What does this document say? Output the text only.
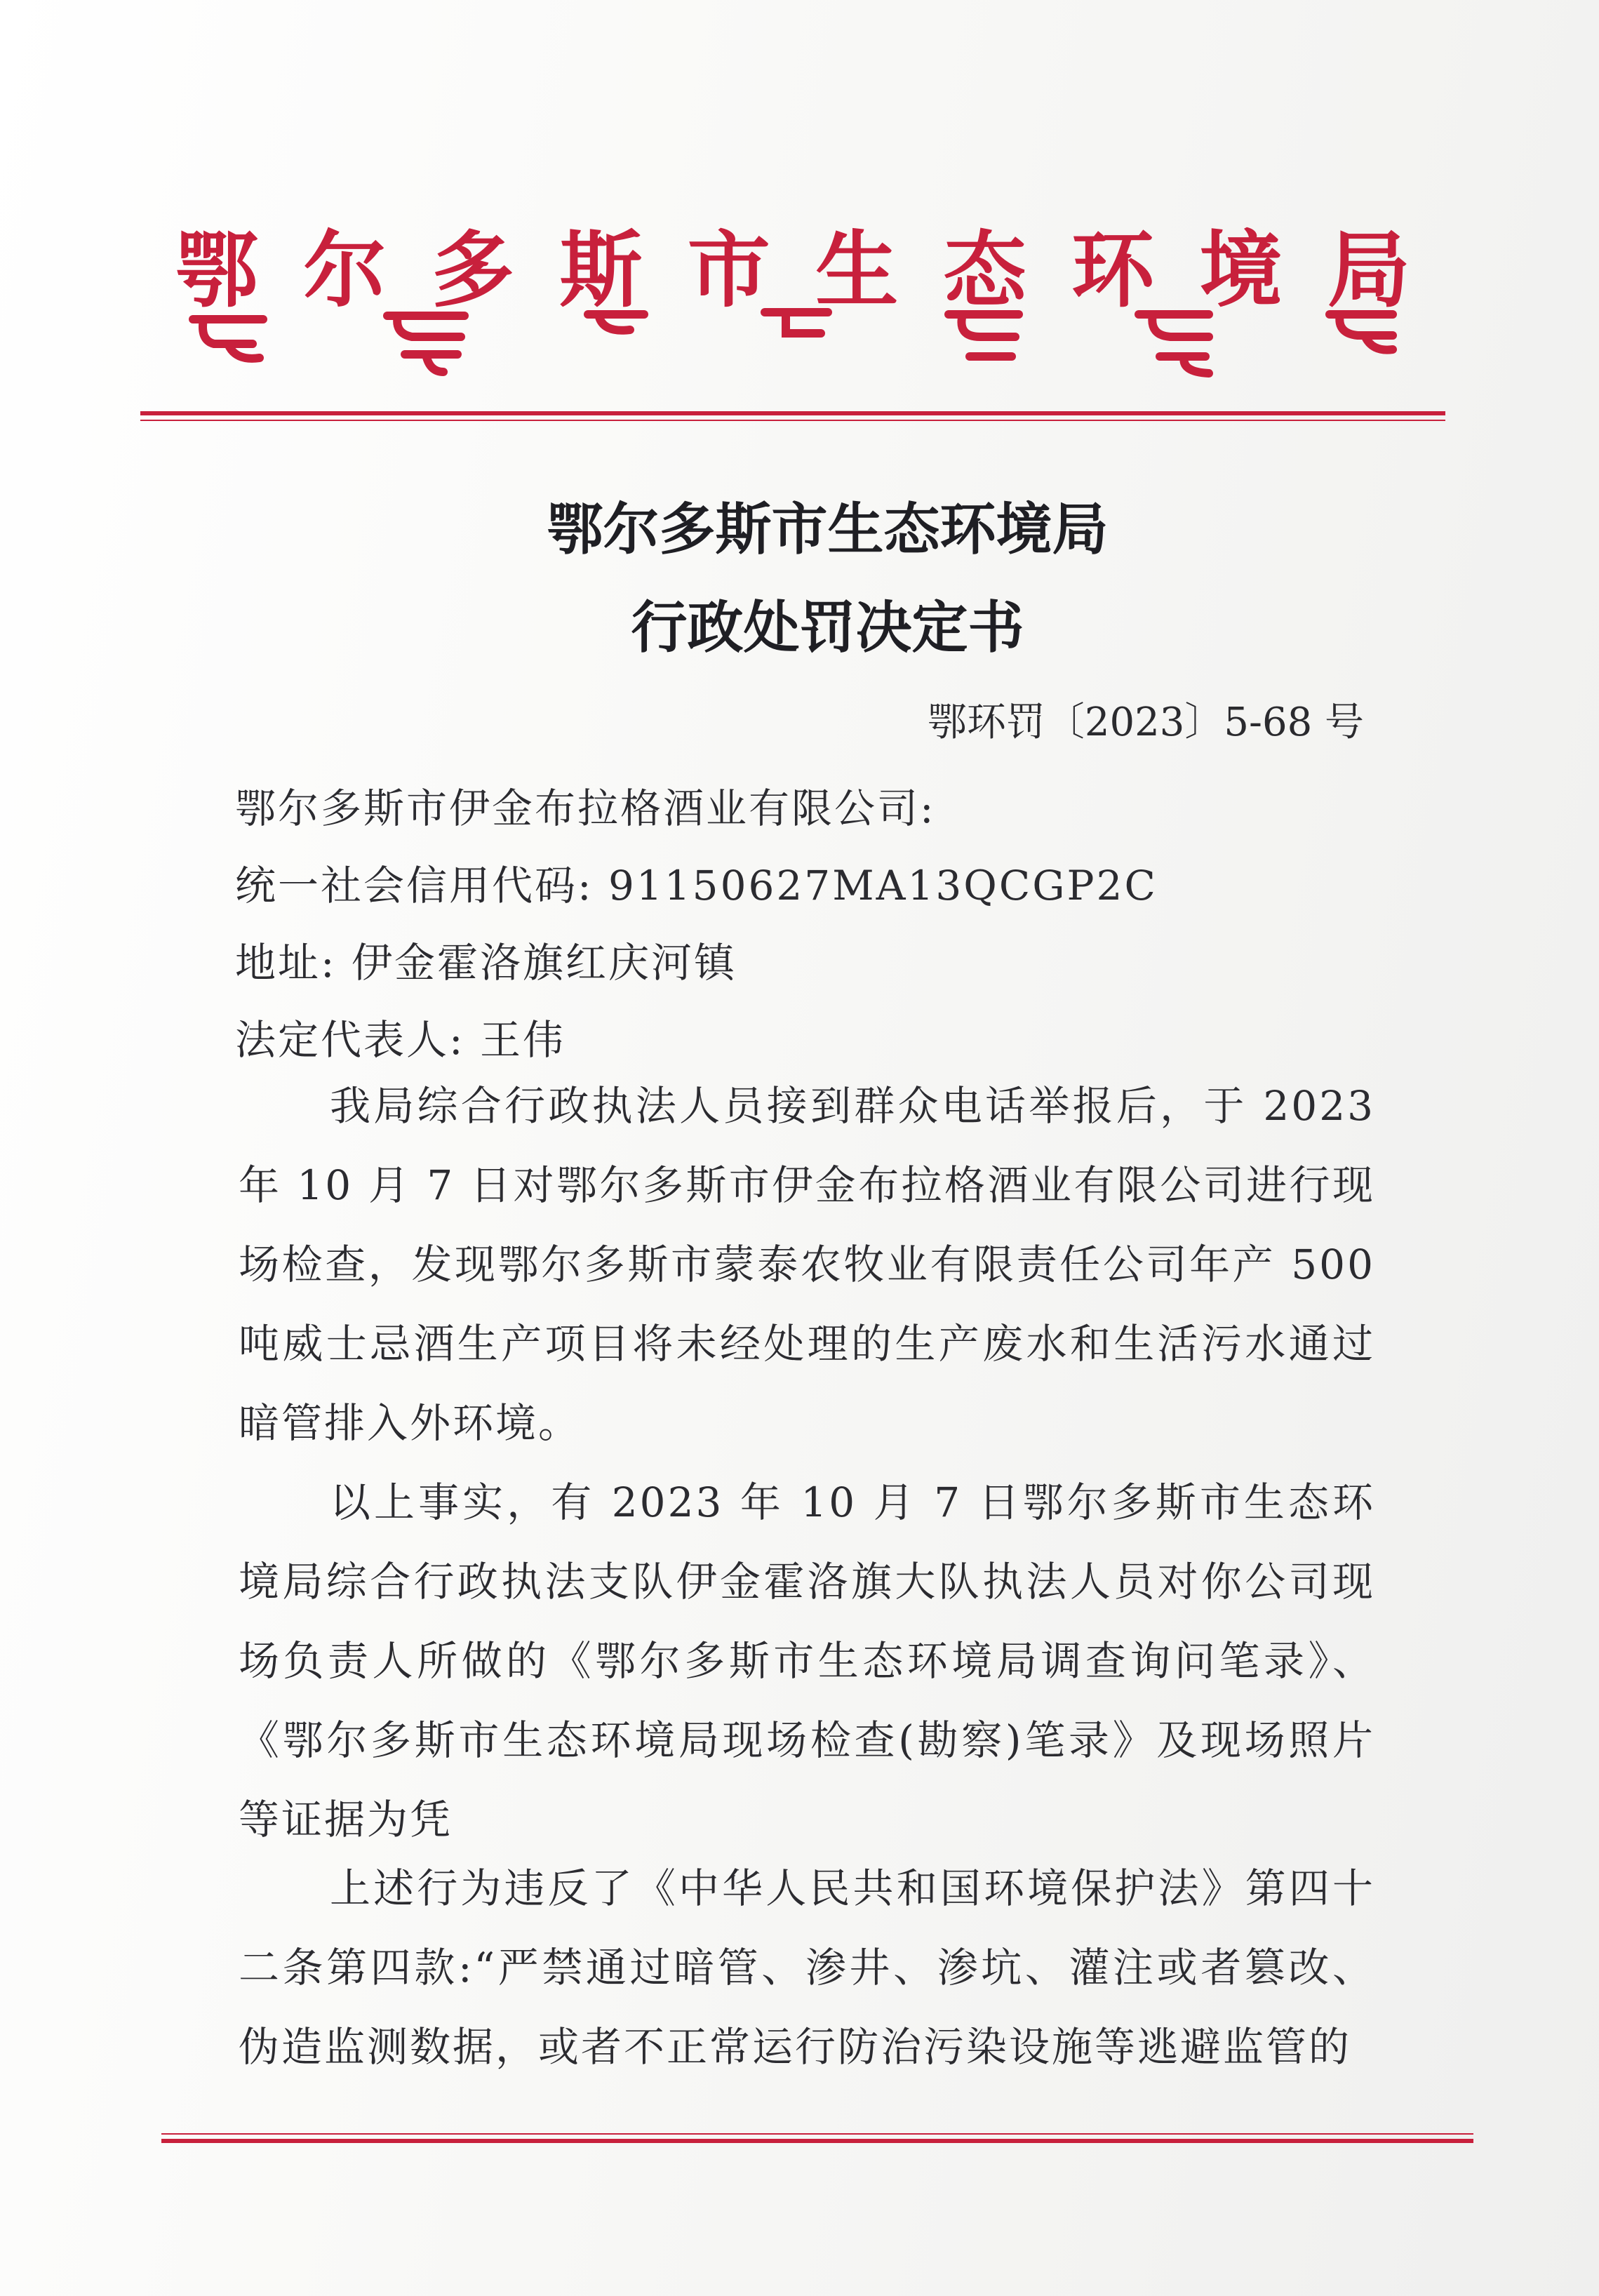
鄂 尔 多 斯 市 生 态 环 境 局
鄂尔多斯市生态环境局
行政处罚决定书
鄂环罚〔2023〕5-68 号
鄂尔多斯市伊金布拉格酒业有限公司:
统一社会信用代码: 91150627MA13QCGP2C
地址: 伊金霍洛旗红庆河镇
法定代表人: 王伟
我局综合行政执法人员接到群众电话举报后，于 2023 年 10 月 7 日对鄂尔多斯市伊金布拉格酒业有限公司进行现场检查，发现鄂尔多斯市蒙泰农牧业有限责任公司年产 500 吨威士忌酒生产项目将未经处理的生产废水和生活污水通过暗管排入外环境。
以上事实，有 2023 年 10 月 7 日鄂尔多斯市生态环境局综合行政执法支队伊金霍洛旗大队执法人员对你公司现场负责人所做的《鄂尔多斯市生态环境局调查询问笔录》、《鄂尔多斯市生态环境局现场检查(勘察)笔录》及现场照片等证据为凭
上述行为违反了《中华人民共和国环境保护法》第四十二条第四款:“严禁通过暗管、渗井、渗坑、灌注或者篡改、伪造监测数据，或者不正常运行防治污染设施等逃避监管的
